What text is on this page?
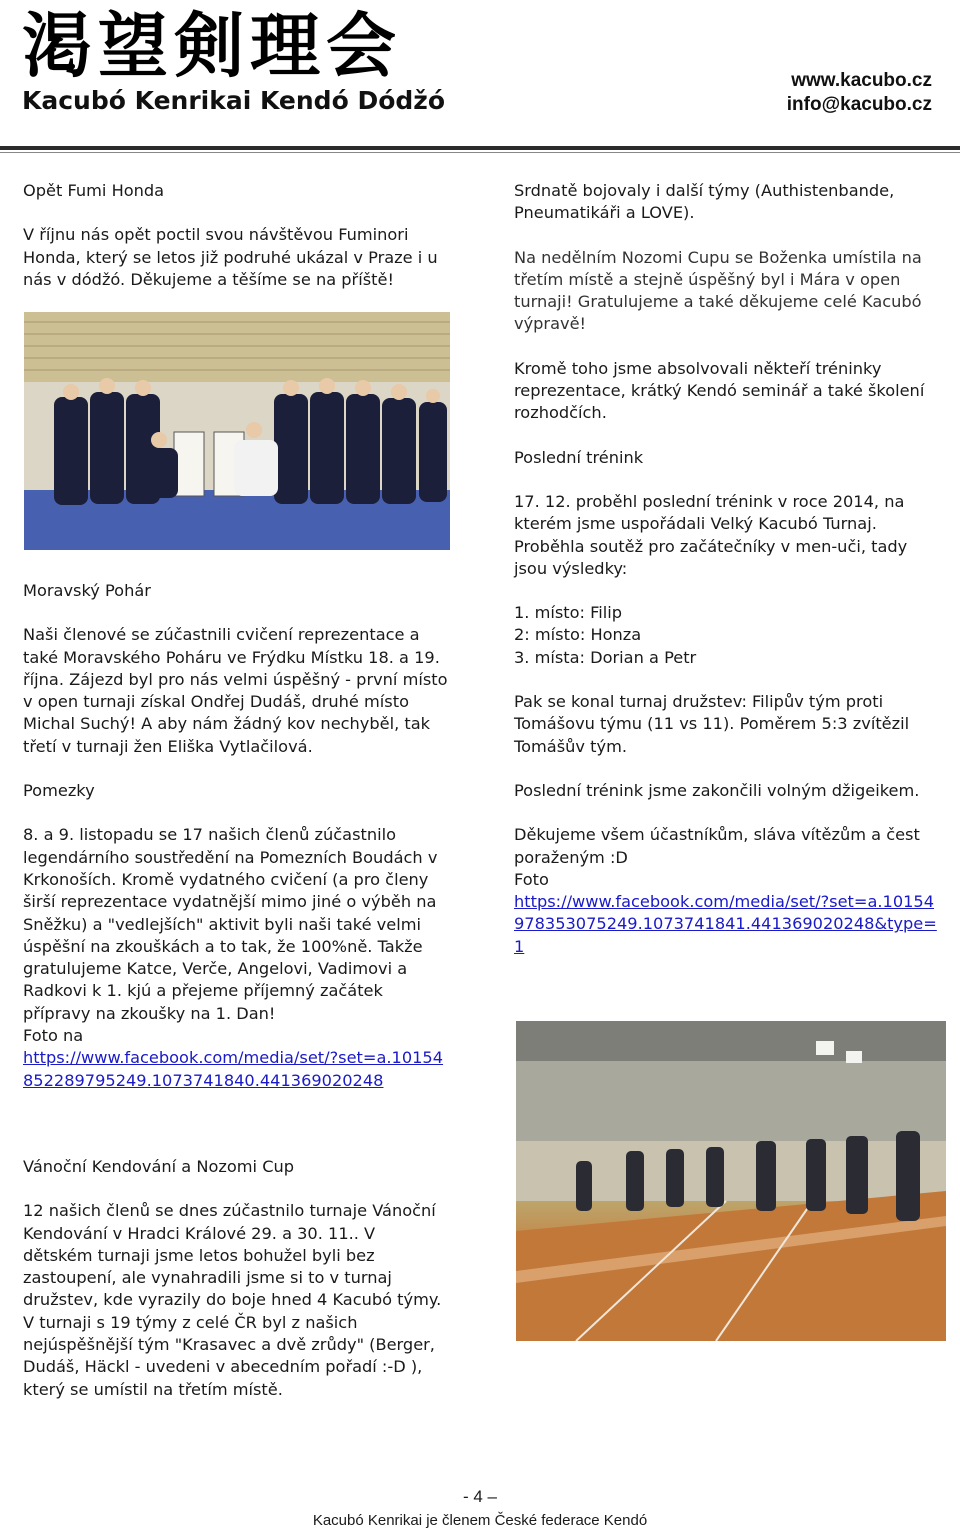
渇望剣理会
Kacubó Kenrikai Kendó Dódžó
www.kacubo.cz
info@kacubo.cz

Opět Fumi Honda

V říjnu nás opět poctil svou návštěvou Fuminori Honda, který se letos již podruhé ukázal v Praze i u nás v dódžó. Děkujeme a těšíme se na příště!

Moravský Pohár

Naši členové se zúčastnili cvičení reprezentace a také Moravského Poháru ve Frýdku Místku 18. a 19. října. Zájezd byl pro nás velmi úspěšný - první místo v open turnaji získal Ondřej Dudáš, druhé místo Michal Suchý! A aby nám žádný kov nechyběl, tak třetí v turnaji žen Eliška Vytlačilová.

Pomezky

8. a 9. listopadu se 17 našich členů zúčastnilo legendárního soustředění na Pomezních Boudách v Krkonoších. Kromě vydatného cvičení (a pro členy širší reprezentace vydatnější mimo jiné o výběh na Sněžku) a "vedlejších" aktivit byli naši také velmi úspěšní na zkouškách a to tak, že 100%ně. Takže gratulujeme Katce, Verče, Angelovi, Vadimovi a Radkovi k 1. kjú a přejeme příjemný začátek přípravy na zkoušky na 1. Dan!

Foto na

https://www.facebook.com/media/set/?set=a.10154852289795249.1073741840.441369020248

Vánoční Kendování a Nozomi Cup

12 našich členů se dnes zúčastnilo turnaje Vánoční Kendování v Hradci Králové 29. a 30. 11.. V dětském turnaji jsme letos bohužel byli bez zastoupení, ale vynahradili jsme si to v turnaj družstev, kde vyrazily do boje hned 4 Kacubó týmy. V turnaji s 19 týmy z celé ČR byl z našich nejúspěšnější tým "Krasavec a dvě zrůdy" (Berger, Dudáš, Häckl - uvedeni v abecedním pořadí :-D ), který se umístil na třetím místě.

Srdnatě bojovaly i další týmy (Authistenbande, Pneumatikáři a LOVE).

Na nedělním Nozomi Cupu se Boženka umístila na třetím místě a stejně úspěšný byl i Mára v open turnaji! Gratulujeme a také děkujeme celé Kacubó výpravě!

Kromě toho jsme absolvovali někteří tréninky reprezentace, krátký Kendó seminář a také školení rozhodčích.

Poslední trénink

17. 12. proběhl poslední trénink v roce 2014, na kterém jsme uspořádali Velký Kacubó Turnaj. Proběhla soutěž pro začátečníky v men-uči, tady jsou výsledky:

1. místo: Filip

2: místo: Honza

3. místa: Dorian a Petr

Pak se konal turnaj družstev: Filipův tým proti Tomášovu týmu (11 vs 11). Poměrem 5:3 zvítězil Tomášův tým.

Poslední trénink jsme zakončili volným džigeikem.

Děkujeme všem účastníkům, sláva vítězům a čest poraženým :D

Foto

https://www.facebook.com/media/set/?set=a.10154978353075249.1073741841.441369020248&type=1

- 4 –
Kacubó Kenrikai je členem České federace Kendó
